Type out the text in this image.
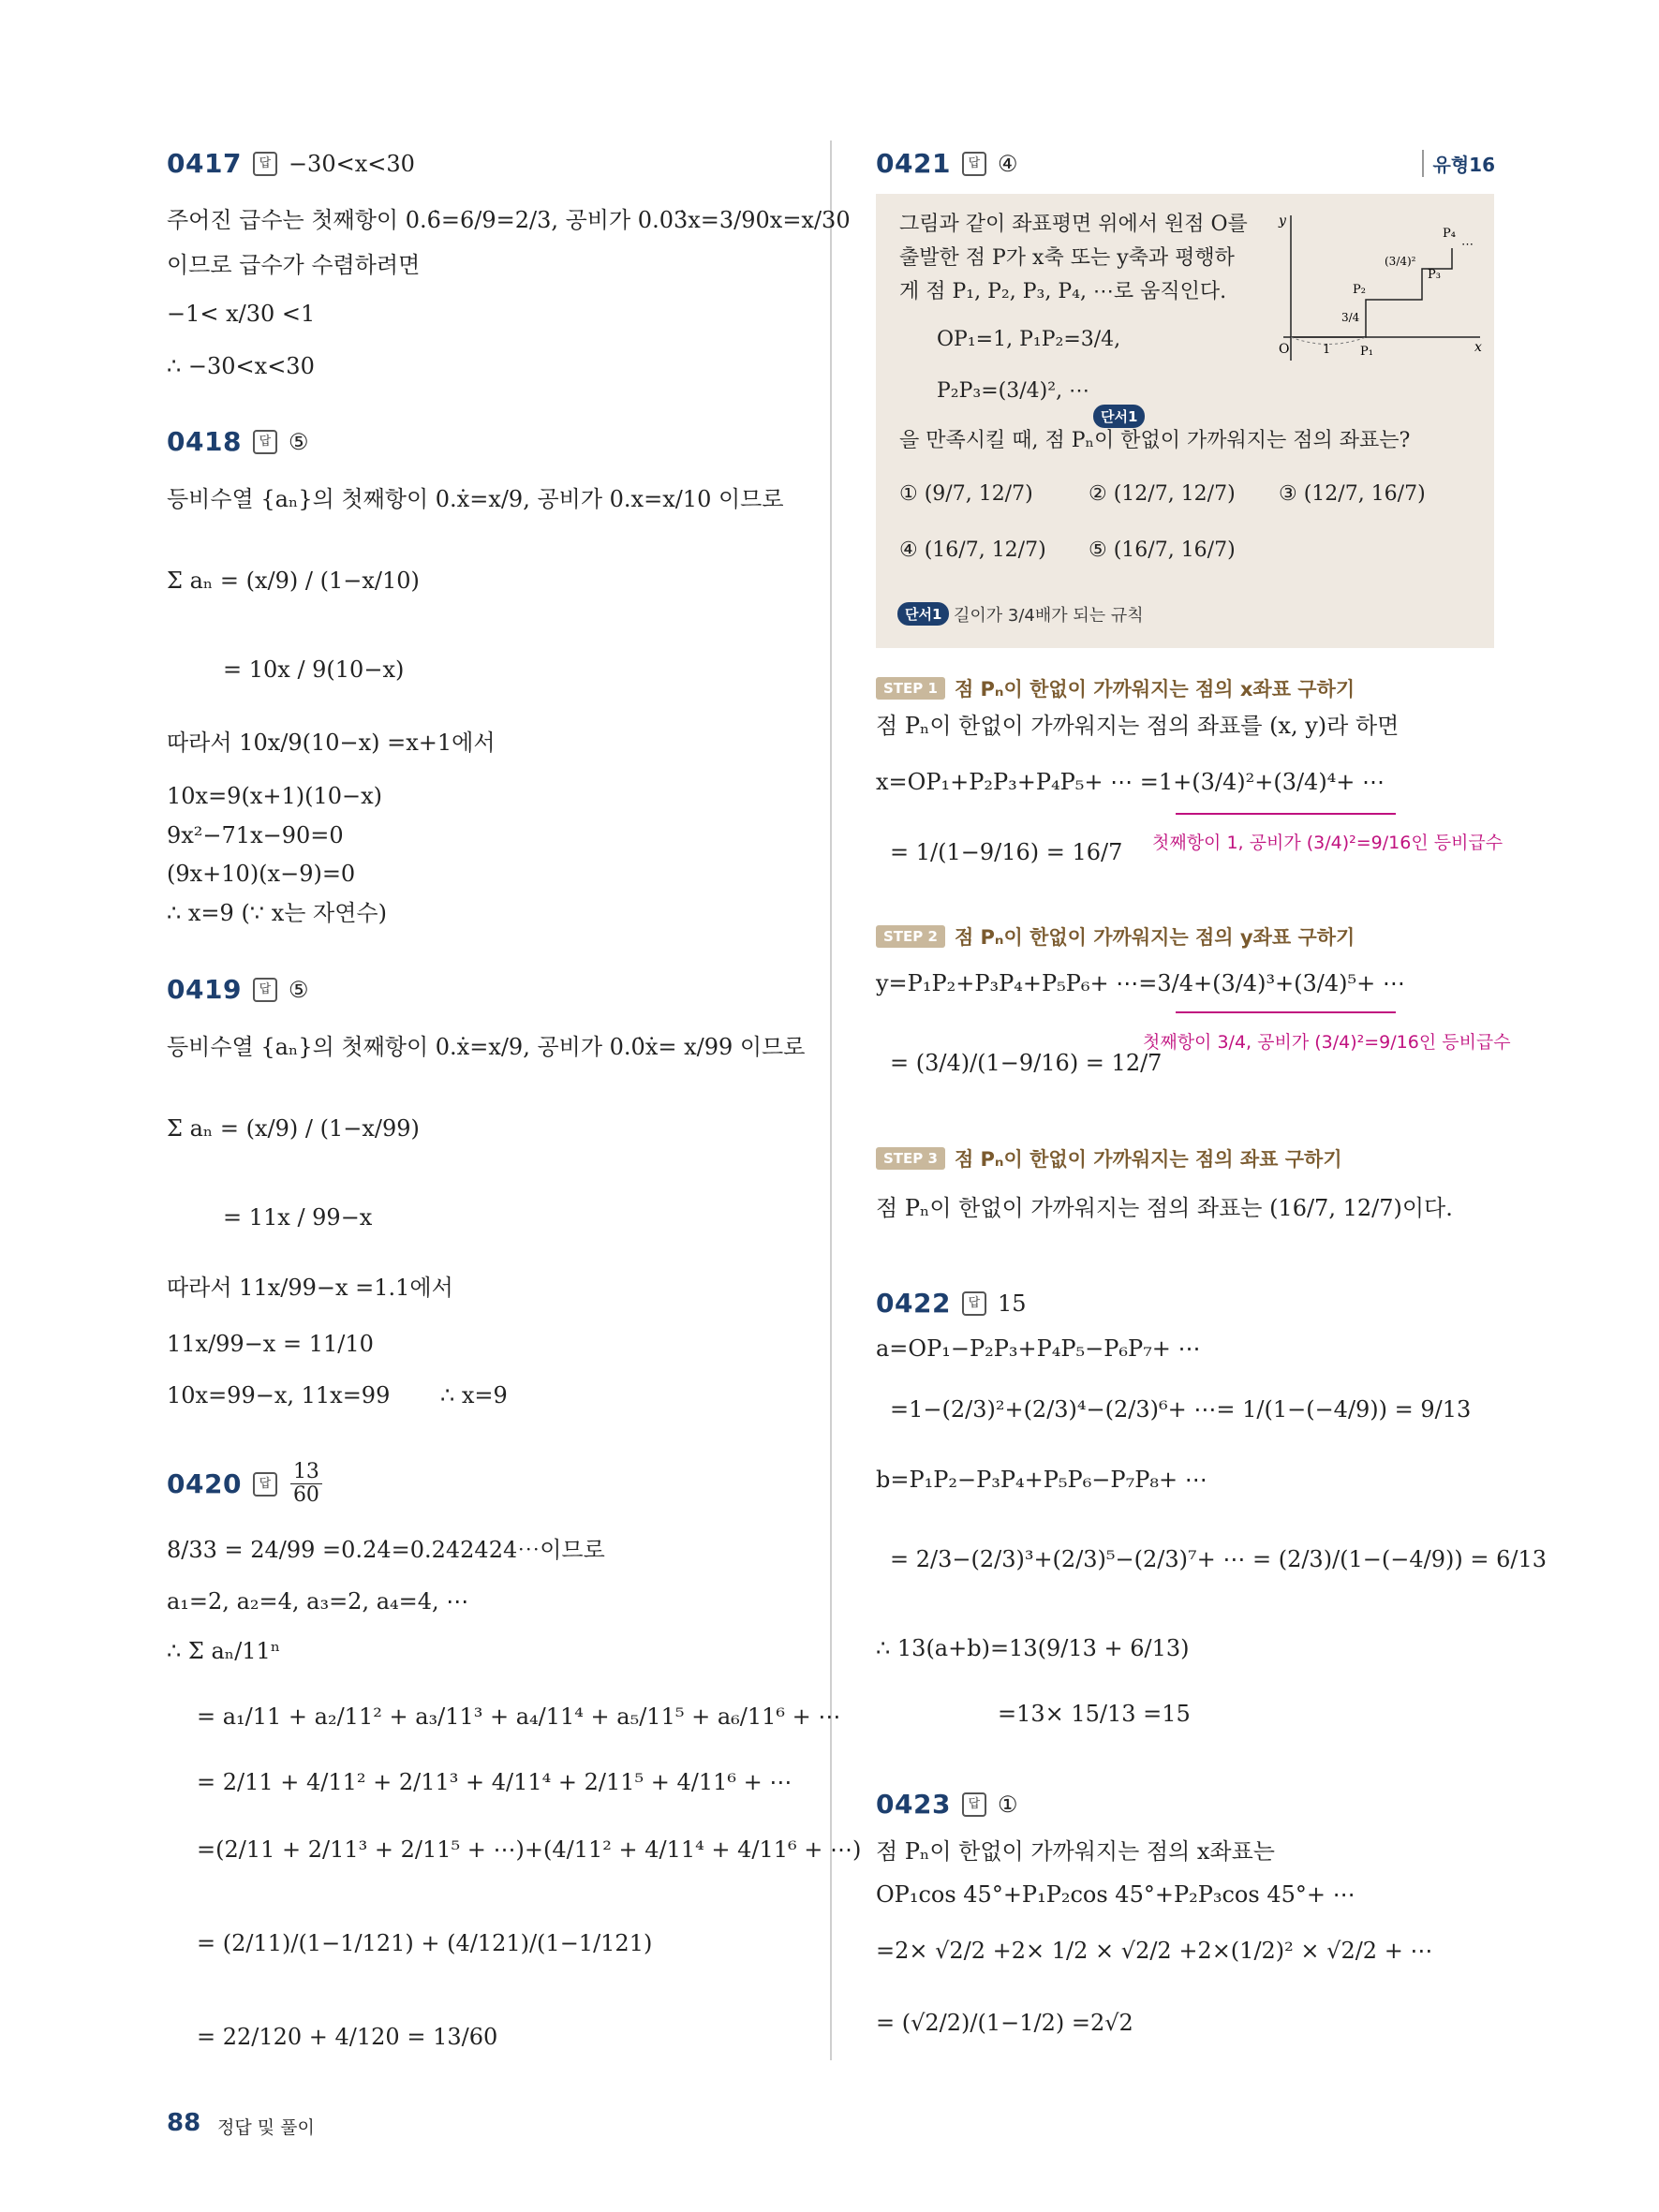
0417	답 −30<x<30
주어진 급수는 첫째항이 0.6̇=6/9=2/3, 공비가 0.03̇x=3/90x=x/30
이므로 급수가 수렴하려면
−1< x/30 <1
∴ −30<x<30
0418	답 ⑤
등비수열 {aₙ}의 첫째항이 0.ẋ=x/9, 공비가 0.x=x/10 이므로
Σ aₙ = (x/9) / (1−x/10)
= 10x / 9(10−x)
따라서 10x/9(10−x) =x+1에서
10x=9(x+1)(10−x)
9x²−71x−90=0
(9x+10)(x−9)=0
∴ x=9 (∵ x는 자연수)
0419	답 ⑤
등비수열 {aₙ}의 첫째항이 0.ẋ=x/9, 공비가 0.0̇ẋ= x/99 이므로
Σ aₙ = (x/9) / (1−x/99)
= 11x / 99−x
따라서 11x/99−x =1.1에서
11x/99−x = 11/10
10x=99−x, 11x=99 ∴ x=9
0420	답 $\frac{13}{60}$
8/33 = 24/99 =0.2̇4̇=0.242424⋯이므로
a₁=2, a₂=4, a₃=2, a₄=4, ⋯
∴ Σ aₙ/11ⁿ
= a₁/11 + a₂/11² + a₃/11³ + a₄/11⁴ + a₅/11⁵ + a₆/11⁶ + ⋯
= 2/11 + 4/11² + 2/11³ + 4/11⁴ + 2/11⁵ + 4/11⁶ + ⋯
=(2/11 + 2/11³ + 2/11⁵ + ⋯)+(4/11² + 4/11⁴ + 4/11⁶ + ⋯)
= (2/11)/(1−1/121) + (4/121)/(1−1/121)
= 22/120 + 4/120 = 13/60
0421	답 ④	유형16
그림과 같이 좌표평면 위에서 원점 O를
출발한 점 P가 x축 또는 y축과 평행하
게 점 P₁, P₂, P₃, P₄, ⋯로 움직인다.
OP₁=1, P₁P₂=3/4,
P₂P₃=(3/4)², ⋯
단서1
을 만족시킬 때, 점 Pₙ이 한없이 가까워지는 점의 좌표는?
① (9/7, 12/7)	② (12/7, 12/7) ③ (12/7, 16/7)
④ (16/7, 12/7) ⑤ (16/7, 16/7)
단서1 길이가 3/4배가 되는 규칙
O	1	x
y
P₁
P₂
P₃
P₄
3/4
(3/4)²
⋯
STEP 1 점 Pₙ이 한없이 가까워지는 점의 x좌표 구하기
점 Pₙ이 한없이 가까워지는 점의 좌표를 (x, y)라 하면
x=OP₁+P₂P₃+P₄P₅+ ⋯ =1+(3/4)²+(3/4)⁴+ ⋯
= 1/(1−9/16) = 16/7 첫째항이 1, 공비가 (3/4)²=9/16인 등비급수
STEP 2 점 Pₙ이 한없이 가까워지는 점의 y좌표 구하기
y=P₁P₂+P₃P₄+P₅P₆+ ⋯=3/4+(3/4)³+(3/4)⁵+ ⋯
= (3/4)/(1−9/16) = 12/7
첫째항이 3/4, 공비가 (3/4)²=9/16인 등비급수
STEP 3 점 Pₙ이 한없이 가까워지는 점의 좌표 구하기
점 Pₙ이 한없이 가까워지는 점의 좌표는 (16/7, 12/7)이다.
0422	답 15
a=OP₁−P₂P₃+P₄P₅−P₆P₇+ ⋯
=1−(2/3)²+(2/3)⁴−(2/3)⁶+ ⋯= 1/(1−(−4/9)) = 9/13
b=P₁P₂−P₃P₄+P₅P₆−P₇P₈+ ⋯
= 2/3−(2/3)³+(2/3)⁵−(2/3)⁷+ ⋯ = (2/3)/(1−(−4/9)) = 6/13
∴ 13(a+b)=13(9/13 + 6/13)
=13× 15/13 =15
0423	답 ①
점 Pₙ이 한없이 가까워지는 점의 x좌표는
OP₁cos 45°+P₁P₂cos 45°+P₂P₃cos 45°+ ⋯
=2× √2/2 +2× 1/2 × √2/2 +2×(1/2)² × √2/2 + ⋯
= (√2/2)/(1−1/2) =2√2
88 정답 및 풀이
